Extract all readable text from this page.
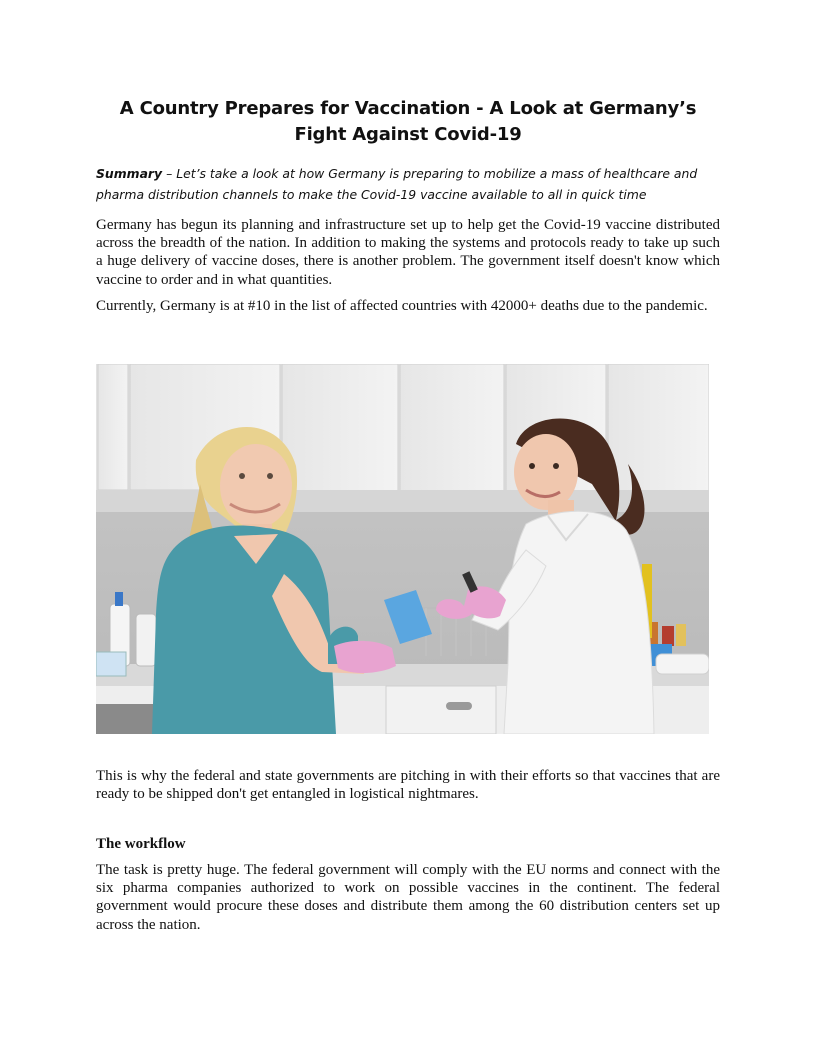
A Country Prepares for Vaccination - A Look at Germany’s Fight Against Covid-19
Summary – Let’s take a look at how Germany is preparing to mobilize a mass of healthcare and pharma distribution channels to make the Covid-19 vaccine available to all in quick time

Germany has begun its planning and infrastructure set up to help get the Covid-19 vaccine distributed across the breadth of the nation. In addition to making the systems and protocols ready to take up such a huge delivery of vaccine doses, there is another problem. The government itself doesn't know which vaccine to order and in what quantities.

Currently, Germany is at #10 in the list of affected countries with 42000+ deaths due to the pandemic.

This is why the federal and state governments are pitching in with their efforts so that vaccines that are ready to be shipped don't get entangled in logistical nightmares.

The workflow

The task is pretty huge. The federal government will comply with the EU norms and connect with the six pharma companies authorized to work on possible vaccines in the continent. The federal government would procure these doses and distribute them among the 60 distribution centers set up across the nation.
